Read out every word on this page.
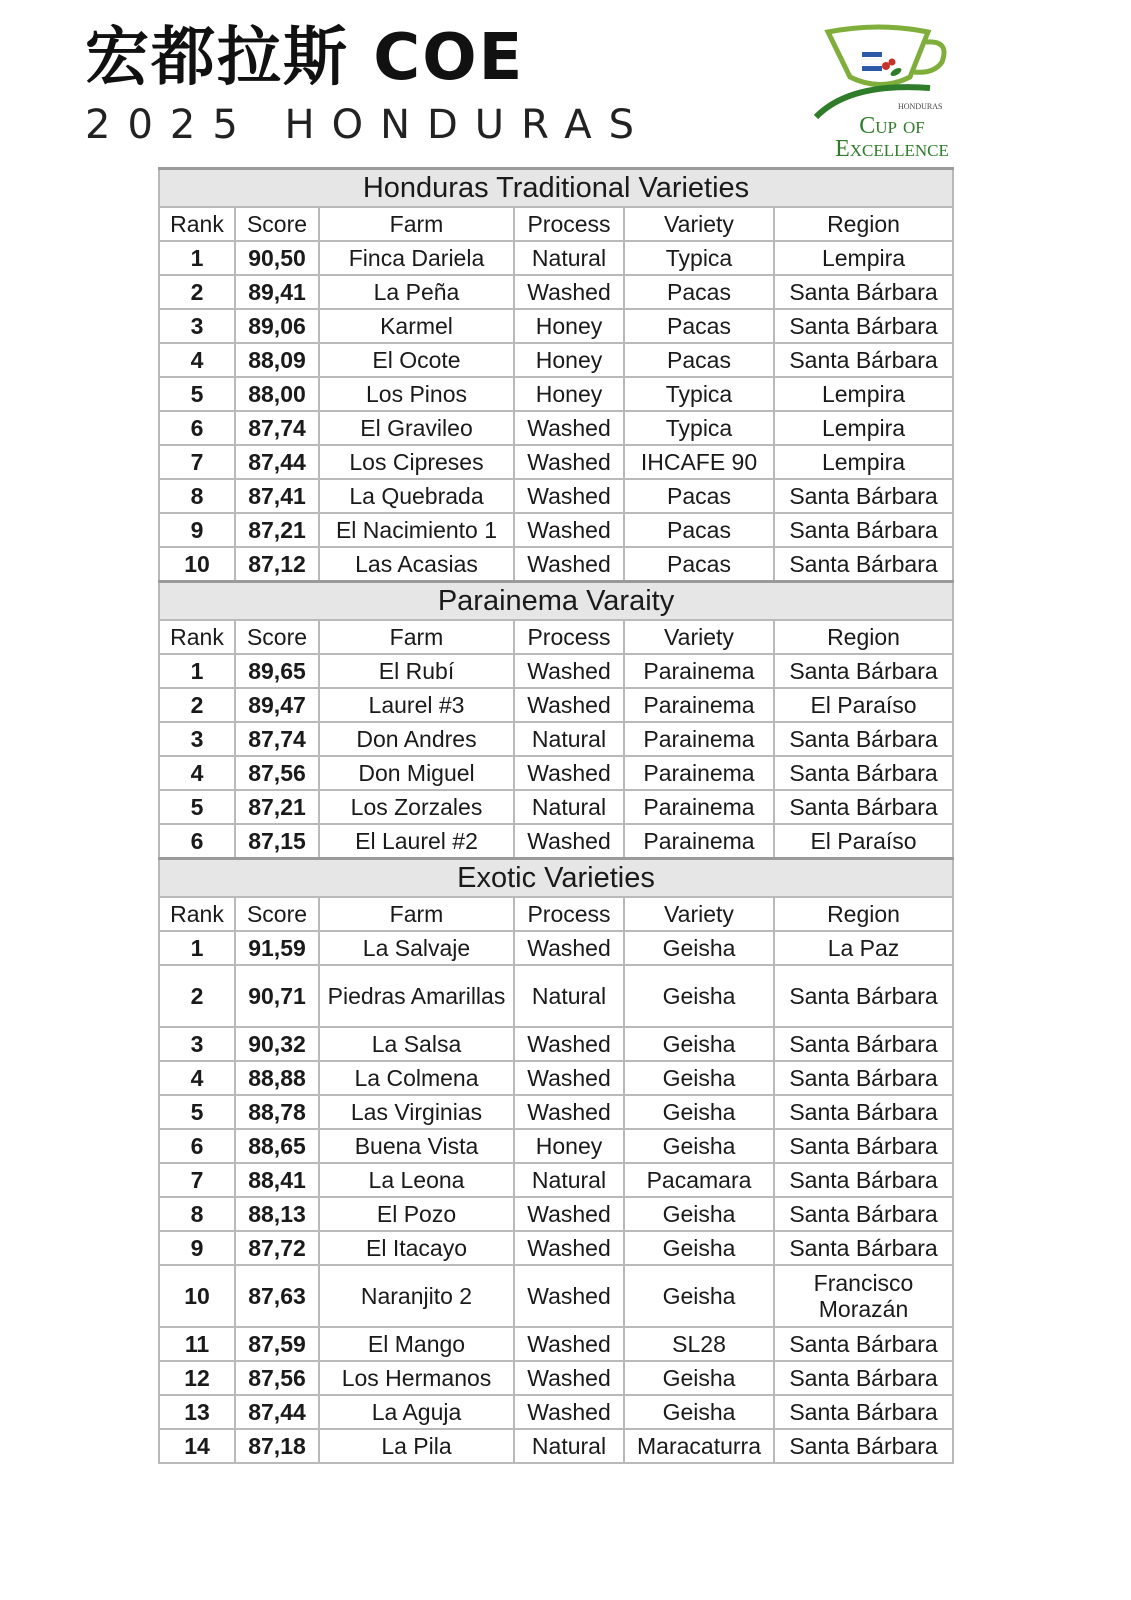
宏都拉斯 COE
2025 HONDURAS	HONDURAS
Cup of
Excellence
Honduras Traditional Varieties					
Rank	Score	Farm	Process	Variety	Region
1	90,50	Finca Dariela	Natural	Typica	Lempira
2	89,41	La Peña	Washed	Pacas	Santa Bárbara
3	89,06	Karmel	Honey	Pacas	Santa Bárbara
4	88,09	El Ocote	Honey	Pacas	Santa Bárbara
5	88,00	Los Pinos	Honey	Typica	Lempira
6	87,74	El Gravileo	Washed	Typica	Lempira
7	87,44	Los Cipreses	Washed	IHCAFE 90	Lempira
8	87,41	La Quebrada	Washed	Pacas	Santa Bárbara
9	87,21	El Nacimiento 1	Washed	Pacas	Santa Bárbara
10	87,12	Las Acasias	Washed	Pacas	Santa Bárbara
Parainema Varaity					
Rank	Score	Farm	Process	Variety	Region
1	89,65	El Rubí	Washed	Parainema	Santa Bárbara
2	89,47	Laurel #3	Washed	Parainema	El Paraíso
3	87,74	Don Andres	Natural	Parainema	Santa Bárbara
4	87,56	Don Miguel	Washed	Parainema	Santa Bárbara
5	87,21	Los Zorzales	Natural	Parainema	Santa Bárbara
6	87,15	El Laurel #2	Washed	Parainema	El Paraíso
Exotic Varieties					
Rank	Score	Farm	Process	Variety	Region
1	91,59	La Salvaje	Washed	Geisha	La Paz
2	90,71	Piedras Amarillas	Natural	Geisha	Santa Bárbara
3	90,32	La Salsa	Washed	Geisha	Santa Bárbara
4	88,88	La Colmena	Washed	Geisha	Santa Bárbara
5	88,78	Las Virginias	Washed	Geisha	Santa Bárbara
6	88,65	Buena Vista	Honey	Geisha	Santa Bárbara
7	88,41	La Leona	Natural	Pacamara	Santa Bárbara
8	88,13	El Pozo	Washed	Geisha	Santa Bárbara
9	87,72	El Itacayo	Washed	Geisha	Santa Bárbara
10	87,63	Naranjito 2	Washed	Geisha	Francisco Morazán
11	87,59	El Mango	Washed	SL28	Santa Bárbara
12	87,56	Los Hermanos	Washed	Geisha	Santa Bárbara
13	87,44	La Aguja	Washed	Geisha	Santa Bárbara
14	87,18	La Pila	Natural	Maracaturra	Santa Bárbara
